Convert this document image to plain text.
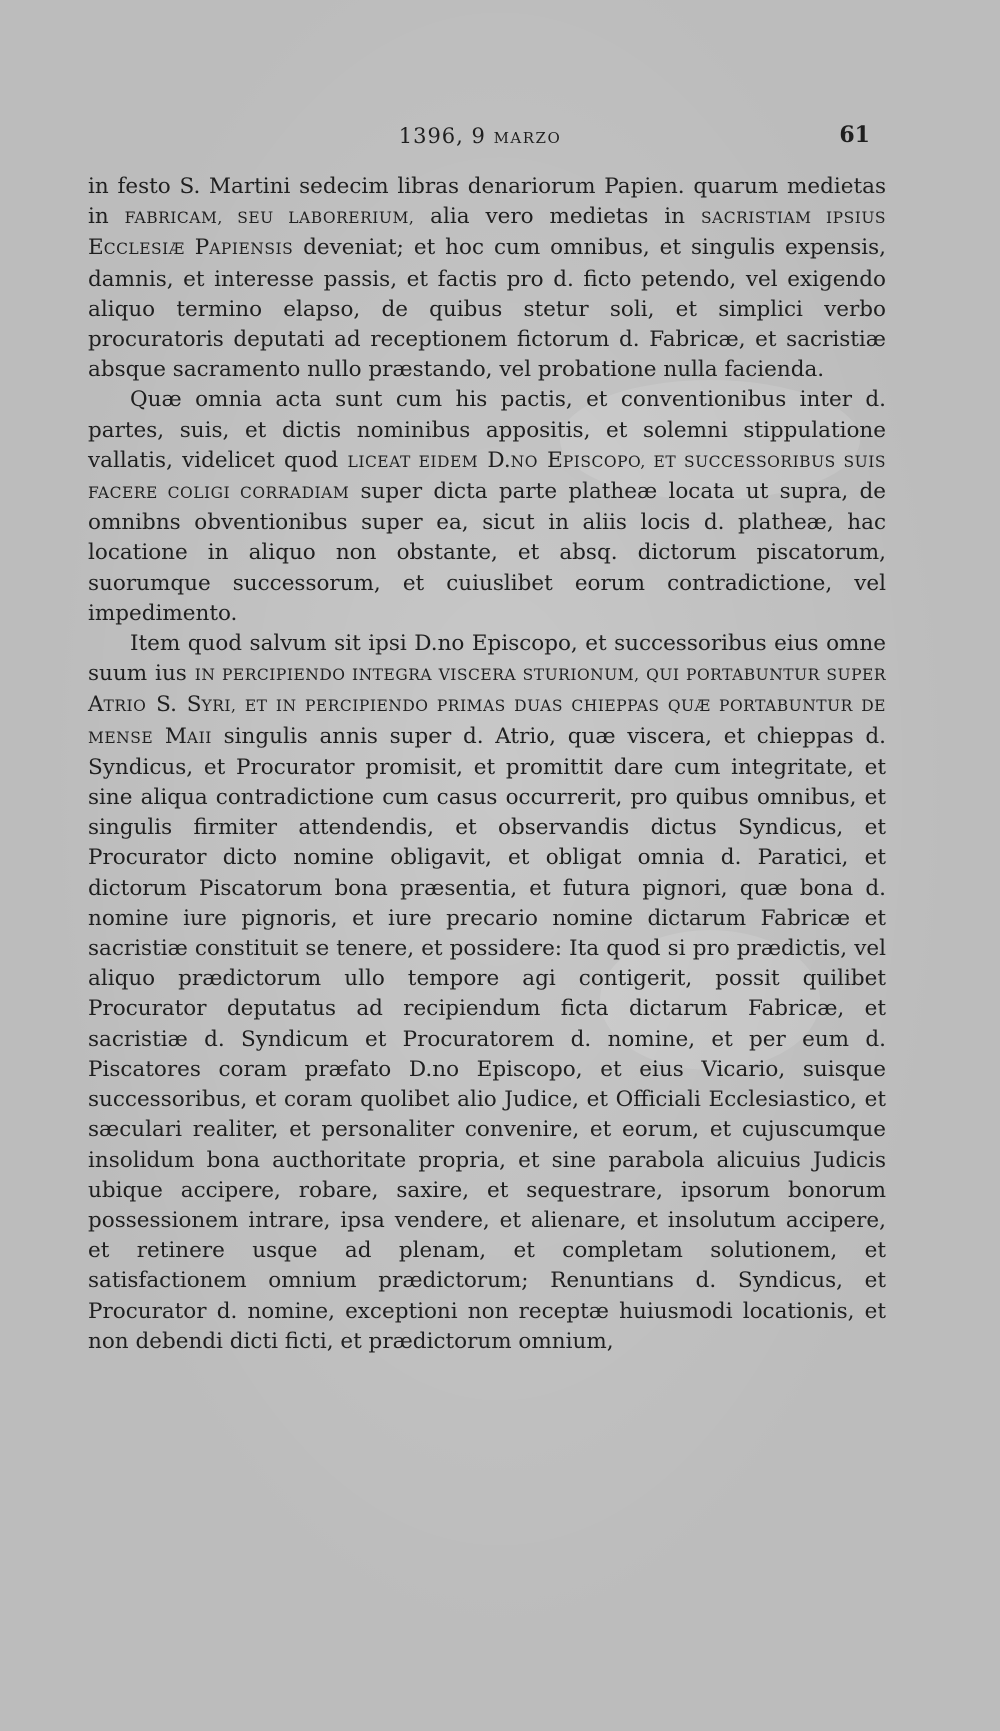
1396, 9 MARZO	61

in festo S. Martini sedecim libras denariorum Papien. quarum medietas in FABRICAM, SEU LABORERIUM, alia vero medietas in SACRISTIAM IPSIUS ECCLESIÆ PAPIENSIS deveniat; et hoc cum omnibus, et singulis expensis, damnis, et interesse passis, et factis pro d. ficto petendo, vel exigendo aliquo termino elapso, de quibus stetur soli, et simplici verbo procuratoris deputati ad receptionem fictorum d. Fabricæ, et sacristiæ absque sacramento nullo præstando, vel probatione nulla facienda.

Quæ omnia acta sunt cum his pactis, et conventionibus inter d. partes, suis, et dictis nominibus appositis, et solemni stippulatione vallatis, videlicet quod LICEAT EIDEM D.NO EPISCOPO, ET SUCCESSORIBUS SUIS FACERE COLIGI CORRADIAM super dicta parte platheæ locata ut supra, de omnibns obventionibus super ea, sicut in aliis locis d. platheæ, hac locatione in aliquo non obstante, et absq. dictorum piscatorum, suorumque successorum, et cuiuslibet eorum contradictione, vel impedimento.

Item quod salvum sit ipsi D.no Episcopo, et successoribus eius omne suum ius IN PERCIPIENDO INTEGRA VISCERA STURIONUM, QUI PORTABUNTUR SUPER ATRIO S. SYRI, ET IN PERCIPIENDO PRIMAS DUAS CHIEPPAS QUÆ PORTABUNTUR DE MENSE MAII singulis annis super d. Atrio, quæ viscera, et chieppas d. Syndicus, et Procurator promisit, et promittit dare cum integritate, et sine aliqua contradictione cum casus occurrerit, pro quibus omnibus, et singulis firmiter attendendis, et observandis dictus Syndicus, et Procurator dicto nomine obligavit, et obligat omnia d. Paratici, et dictorum Piscatorum bona præsentia, et futura pignori, quæ bona d. nomine iure pignoris, et iure precario nomine dictarum Fabricæ et sacristiæ constituit se tenere, et possidere: Ita quod si pro prædictis, vel aliquo prædictorum ullo tempore agi contigerit, possit quilibet Procurator deputatus ad recipiendum ficta dictarum Fabricæ, et sacristiæ d. Syndicum et Procuratorem d. nomine, et per eum d. Piscatores coram præfato D.no Episcopo, et eius Vicario, suisque successoribus, et coram quolibet alio Judice, et Officiali Ecclesiastico, et sæculari realiter, et personaliter convenire, et eorum, et cujuscumque insolidum bona aucthoritate propria, et sine parabola alicuius Judicis ubique accipere, robare, saxire, et sequestrare, ipsorum bonorum possessionem intrare, ipsa vendere, et alienare, et insolutum accipere, et retinere usque ad plenam, et completam solutionem, et satisfactionem omnium prædictorum; Renuntians d. Syndicus, et Procurator d. nomine, exceptioni non receptæ huiusmodi locationis, et non debendi dicti ficti, et prædictorum omnium,
